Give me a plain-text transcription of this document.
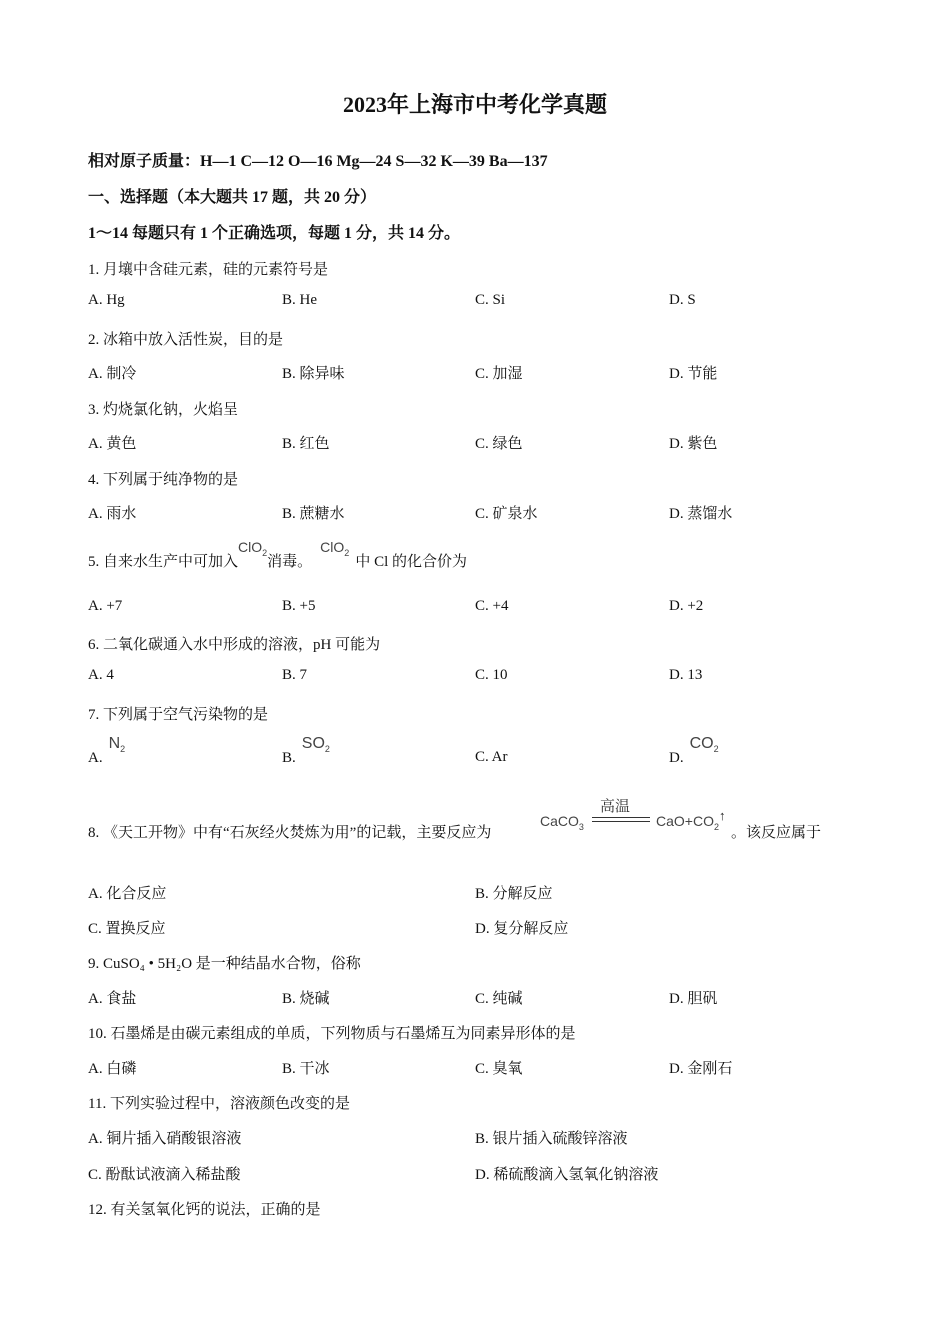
2023年上海市中考化学真题
相对原子质量：H—1 C—12 O—16 Mg—24 S—32 K—39 Ba—137
一、选择题（本大题共 17 题，共 20 分）
1～14 每题只有 1 个正确选项，每题 1 分，共 14 分。
1. 月壤中含硅元素，硅的元素符号是
A. Hg	B. He	C. Si	D. S
2. 冰箱中放入活性炭，目的是
A. 制冷	B. 除异味	C. 加湿	D. 节能
3. 灼烧氯化钠，火焰呈
A. 黄色	B. 红色	C. 绿色	D. 紫色
4. 下列属于纯净物的是
A. 雨水	B. 蔗糖水	C. 矿泉水	D. 蒸馏水
5. 自来水生产中可加入ClO$_2$消毒。ClO$_2$中 Cl 的化合价为
A. +7	B. +5	C. +4	D. +2
6. 二氧化碳通入水中形成的溶液，pH 可能为
A. 4	B. 7	C. 10	D. 13
7. 下列属于空气污染物的是
$A.N_2$
$B.SO_2$	C. Ar	$D.CO_2$
8. 《天工开物》中有“石灰经火焚炼为用”的记载，主要反应为
CaCO$_3$
高温
$CaO+CO_2↑$
。该反应属于
A. 化合反应	B. 分解反应
C. 置换反应	D. 复分解反应
9. CuSO₄ • 5H₂O 是一种结晶水合物，俗称
A. 食盐	B. 烧碱	C. 纯碱	D. 胆矾
10. 石墨烯是由碳元素组成的单质，下列物质与石墨烯互为同素异形体的是
A. 白磷	B. 干冰	C. 臭氧	D. 金刚石
11. 下列实验过程中，溶液颜色改变的是
A. 铜片插入硝酸银溶液	B. 银片插入硫酸锌溶液
C. 酚酞试液滴入稀盐酸	D. 稀硫酸滴入氢氧化钠溶液
12. 有关氢氧化钙的说法，正确的是
